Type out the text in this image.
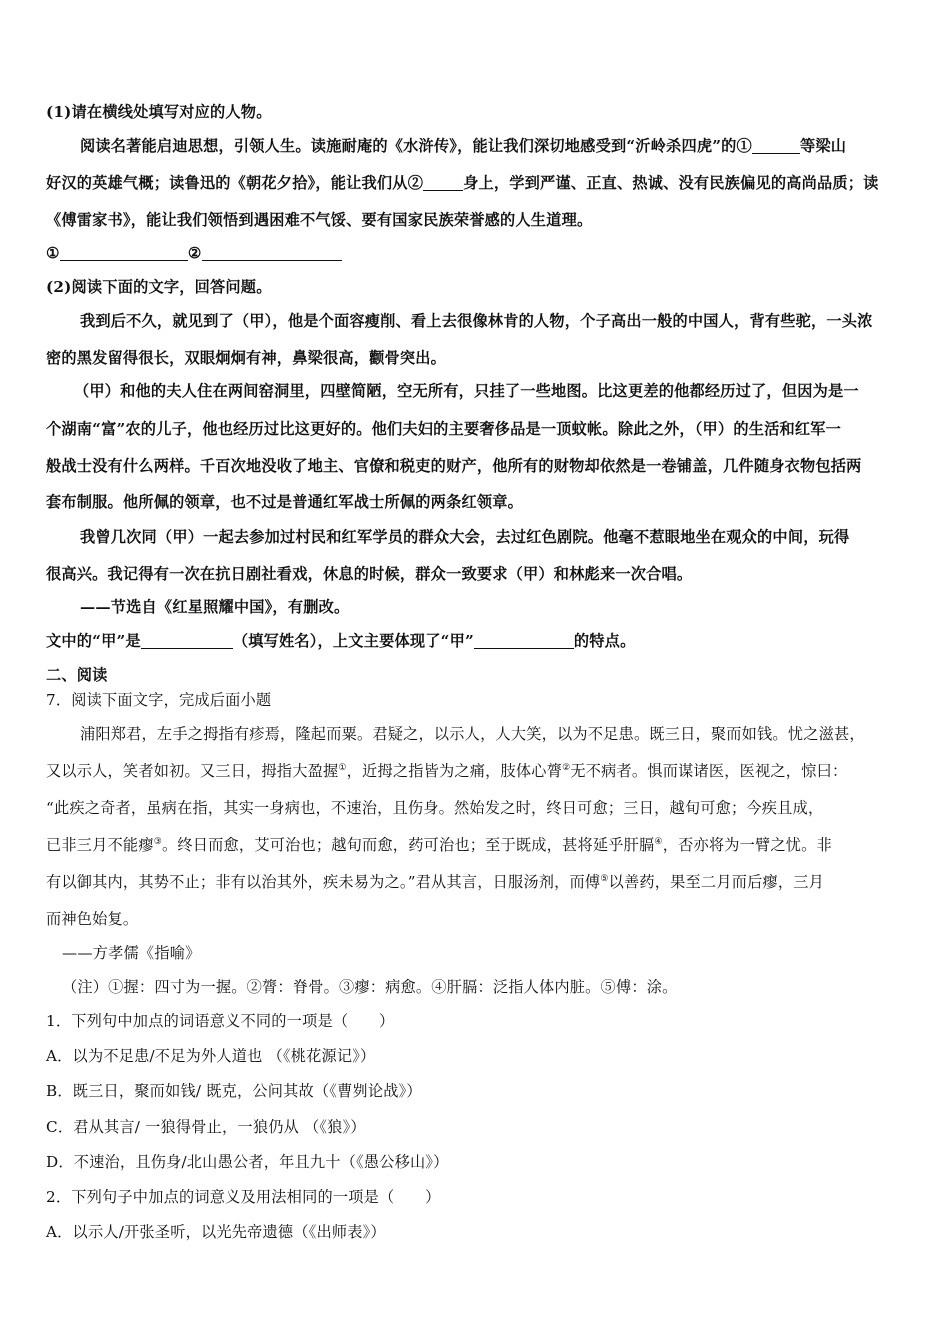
(1)请在横线处填写对应的人物。
阅读名著能启迪思想，引领人生。读施耐庵的《水浒传》，能让我们深切地感受到“沂岭杀四虎”的①	等梁山
好汉的英雄气概；读鲁迅的《朝花夕拾》，能让我们从②	身上，学到严谨、正直、热诚、没有民族偏见的高尚品质；读
《傅雷家书》，能让我们领悟到遇困难不气馁、要有国家民族荣誉感的人生道理。
①	②
(2)阅读下面的文字，回答问题。
我到后不久，就见到了（甲），他是个面容瘦削、看上去很像林肯的人物，个子高出一般的中国人，背有些驼，一头浓
密的黑发留得很长，双眼炯炯有神，鼻梁很高，颧骨突出。
（甲）和他的夫人住在两间窑洞里，四壁简陋，空无所有，只挂了一些地图。比这更差的他都经历过了，但因为是一
个湖南“富”农的儿子，他也经历过比这更好的。他们夫妇的主要奢侈品是一顶蚊帐。除此之外，（甲）的生活和红军一
般战士没有什么两样。千百次地没收了地主、官僚和税吏的财产，他所有的财物却依然是一卷铺盖，几件随身衣物包括两
套布制服。他所佩的领章，也不过是普通红军战士所佩的两条红领章。
我曾几次同（甲）一起去参加过村民和红军学员的群众大会，去过红色剧院。他毫不惹眼地坐在观众的中间，玩得
很高兴。我记得有一次在抗日剧社看戏，休息的时候，群众一致要求（甲）和林彪来一次合唱。
——节选自《红星照耀中国》，有删改。
文中的“甲”是	（填写姓名），上文主要体现了“甲”	的特点。
二、阅读
7．阅读下面文字，完成后面小题
浦阳郑君，左手之拇指有疹焉，隆起而粟。君疑之，以示人，人大笑，以为不足患。既三日，聚而如钱。忧之滋甚，
又以示人，笑者如初。又三日，拇指大盈握①，近拇之指皆为之痛，肢体心膂②无不病者。惧而谋诸医，医视之，惊曰：
“此疾之奇者，虽病在指，其实一身病也，不速治，且伤身。然始发之时，终日可愈；三日，越旬可愈；今疾且成，
已非三月不能瘳③。终日而愈，艾可治也；越旬而愈，药可治也；至于既成，甚将延乎肝膈④，否亦将为一臂之忧。非
有以御其内，其势不止；非有以治其外，疾未易为之。”君从其言，日服汤剂，而傅⑤以善药，果至二月而后瘳，三月
而神色始复。
——方孝儒《指喻》
（注）①握：四寸为一握。②膂：脊骨。③瘳：病愈。④肝膈：泛指人体内脏。⑤傅：涂。
1．下列句中加点的词语意义不同的一项是（　　）
A．以为不足患/不足为外人道也 （《桃花源记》）
B．既三日，聚而如钱/ 既克，公问其故（《曹刿论战》）
C．君从其言/ 一狼得骨止，一狼仍从 （《狼》）
D．不速治，且伤身/北山愚公者，年且九十（《愚公移山》）
2．下列句子中加点的词意义及用法相同的一项是（　　）
A．以示人/开张圣听，以光先帝遗德（《出师表》）
